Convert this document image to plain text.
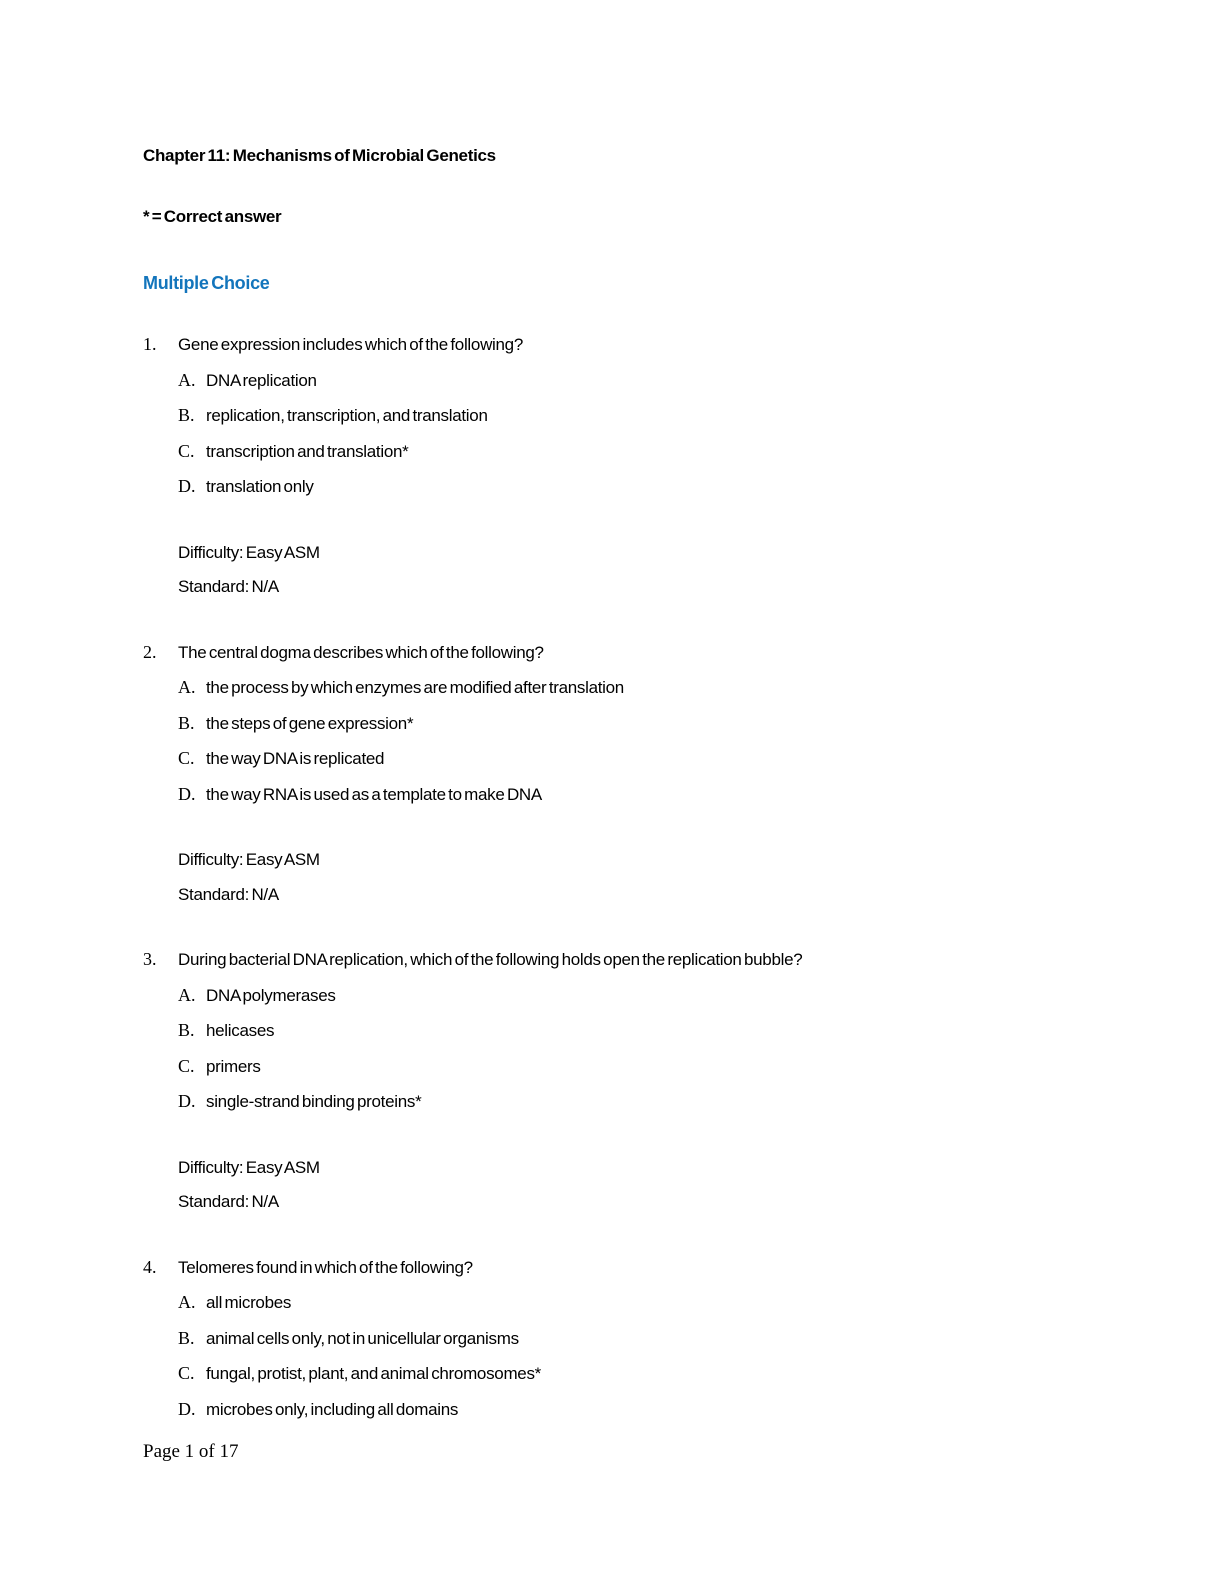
Chapter 11: Mechanisms of Microbial Genetics
* = Correct answer
Multiple Choice
1. Gene expression includes which of the following?
A. DNA replication
B. replication, transcription, and translation
C. transcription and translation*
D. translation only
Difficulty: Easy ASM
Standard: N/A
2. The central dogma describes which of the following?
A. the process by which enzymes are modified after translation
B. the steps of gene expression*
C. the way DNA is replicated
D. the way RNA is used as a template to make DNA
Difficulty: Easy ASM
Standard: N/A
3. During bacterial DNA replication, which of the following holds open the replication bubble?
A. DNA polymerases
B. helicases
C. primers
D. single-strand binding proteins*
Difficulty: Easy ASM
Standard: N/A
4. Telomeres found in which of the following?
A. all microbes
B. animal cells only, not in unicellular organisms
C. fungal, protist, plant, and animal chromosomes*
D. microbes only, including all domains
Page 1 of 17
